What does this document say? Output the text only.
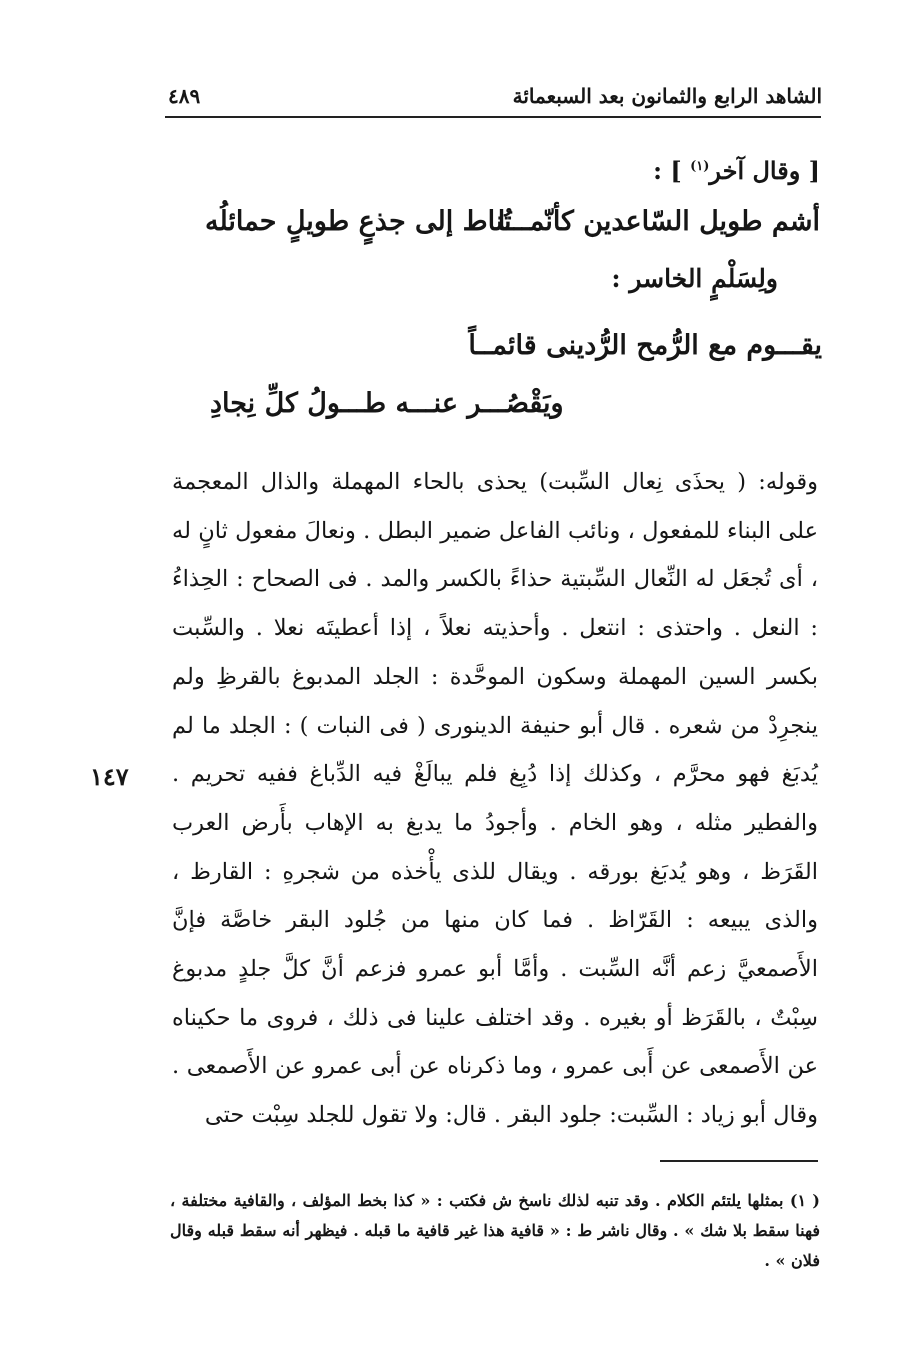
الشاهد الرابع والثمانون بعد السبعمائة
٤٨٩
[ وقال آخر$^{(١)}$ ] :
أشم طويل السّاعدين كأنّمـــا
تُناط إلى جذعٍ طويلٍ حمائلُه
ولِسَلْمٍ الخاسر :
يقـــوم مع الرُّمح الرُّدينى قائمــاً
ويَقْصُـــر عنـــه طـــولُ كلِّ نِجادِ

وقوله: ( يحذَى نِعال السِّبت) يحذى بالحاء المهملة والذال المعجمة على البناء للمفعول ، ونائب الفاعل ضمير البطل . ونعالَ مفعول ثانٍ له ، أى تُجعَل له النِّعال السِّبتية حذاءً بالكسر والمد . فى الصحاح : الحِذاءُ : النعل . واحتذى : انتعل . وأحذيته نعلاً ، إذا أعطيتَه نعلا . والسِّبت بكسر السين المهملة وسكون الموحَّدة : الجلد المدبوغ بالقرظِ ولم ينجرِدْ من شعره . قال أبو حنيفة الدينورى ( فى النبات ) : الجلد ما لم يُدبَغ فهو محرَّم ، وكذلك إذا دُبِغ فلم يبالَغْ فيه الدِّباغ ففيه تحريم . والفطير مثله ، وهو الخام . وأجودُ ما يدبغ به الإهاب بأَرض العرب القَرَظ ، وهو يُدبَغ بورقه . ويقال للذى يأْخذه من شجرهِ : القارظ ، والذى يبيعه : القَرّاظ . فما كان منها من جُلود البقر خاصَّة فإنَّ الأَصمعيَّ زعم أنَّه السِّبت . وأمَّا أبو عمرو فزعم أنَّ كلَّ جلدٍ مدبوغ سِبْتٌ ، بالقَرَظ أو بغيره . وقد اختلف علينا فى ذلك ، فروى ما حكيناه عن الأَصمعى عن أَبى عمرو ، وما ذكرناه عن أبى عمرو عن الأَصمعى . وقال أبو زياد : السِّبت: جلود البقر . قال: ولا تقول للجلد سِبْت حتى

١٤٧
( ١) بمثلها يلتئم الكلام . وقد تنبه لذلك ناسخ ش فكتب : « كذا بخط المؤلف ، والقافية مختلفة ، فهنا سقط بلا شك » . وقال ناشر ط : « قافية هذا غير قافية ما قبله . فيظهر أنه سقط قبله وقال فلان » .
